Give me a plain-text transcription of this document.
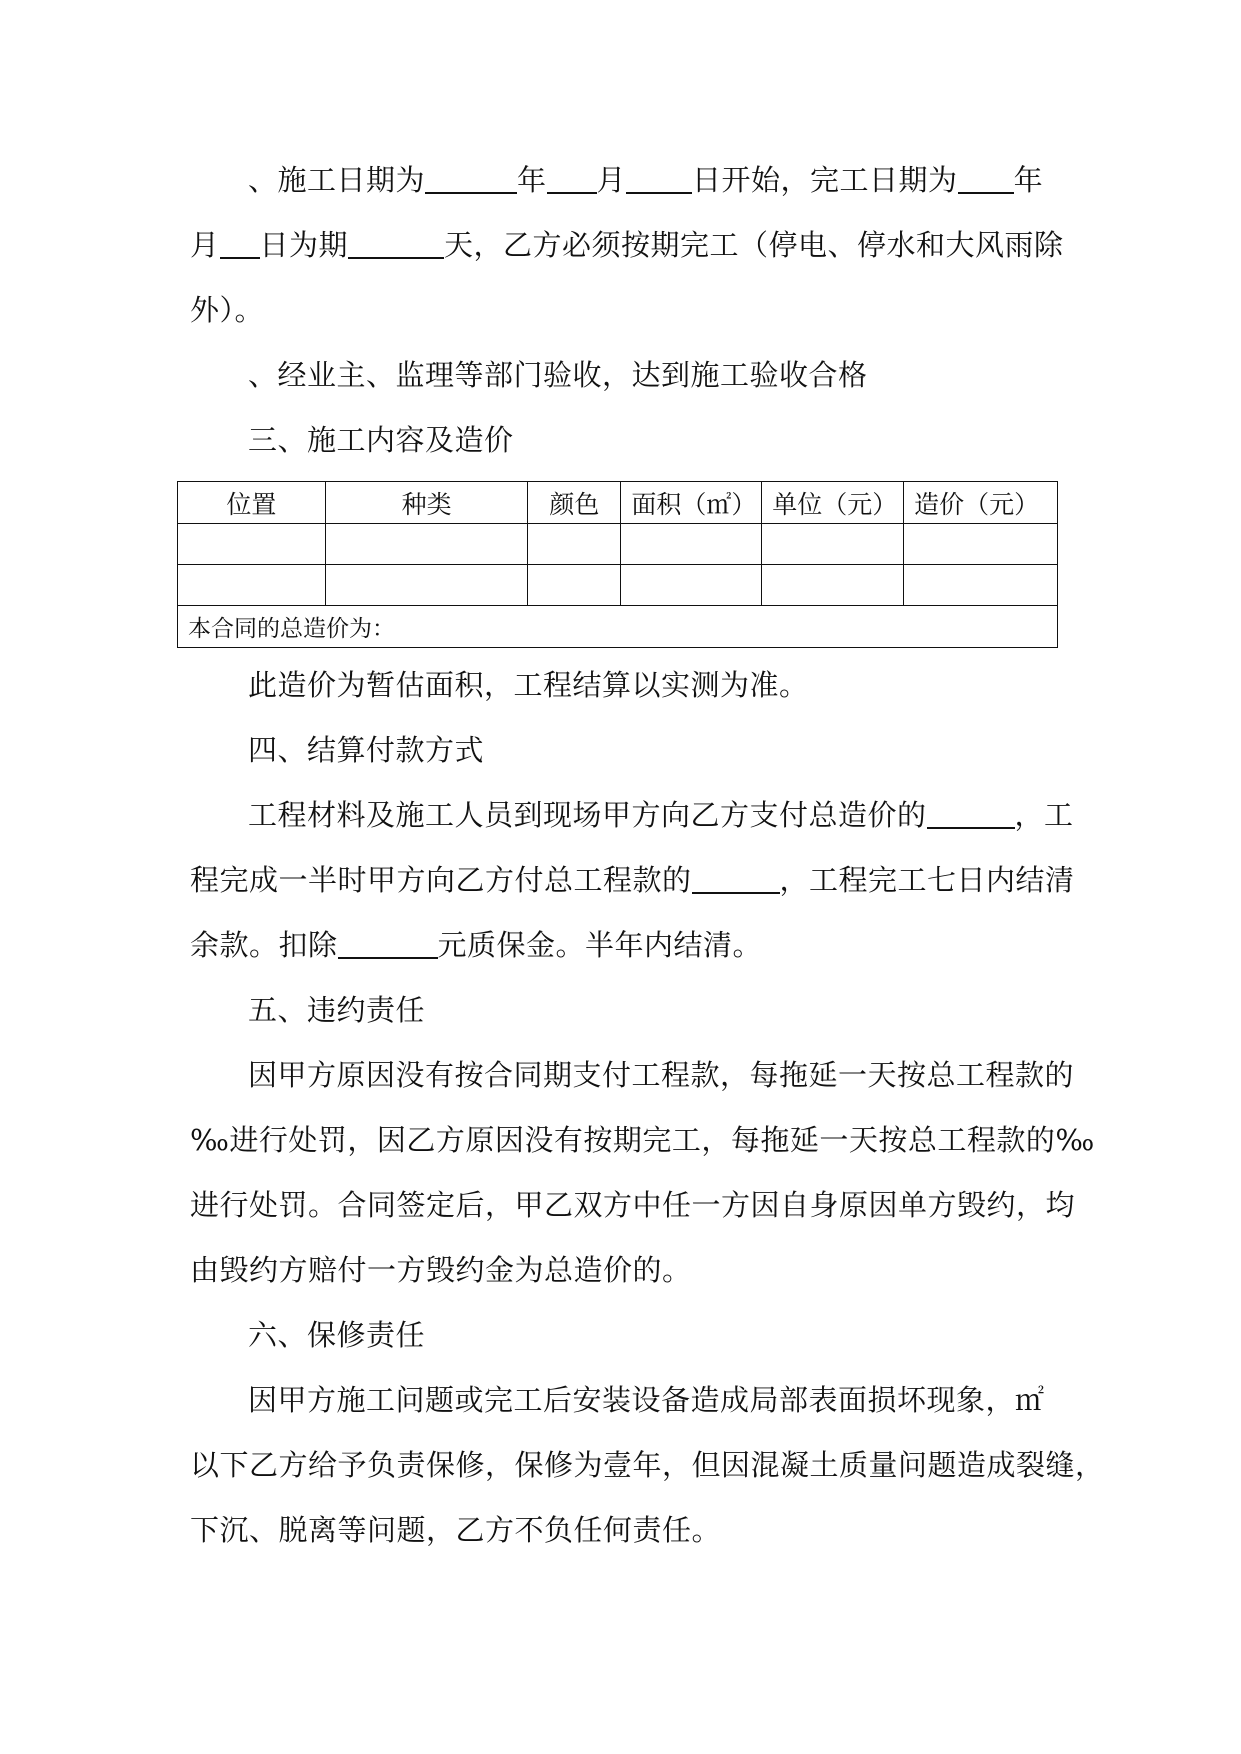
、施工日期为	年 月 日开始，完工日期为 年
月 日为期	天，乙方必须按期完工（停电、停水和大风雨除
外）。
、经业主、监理等部门验收，达到施工验收合格
三、施工内容及造价
位置	种类	颜色	面积（㎡）	单位（元）	造价（元）

本合同的总造价为：					
此造价为暂估面积，工程结算以实测为准。
四、结算付款方式
工程材料及施工人员到现场甲方向乙方支付总造价的	，工
程完成一半时甲方向乙方付总工程款的	，工程完工七日内结清
余款。扣除	元质保金。半年内结清。
五、违约责任
因甲方原因没有按合同期支付工程款，每拖延一天按总工程款的
‰进行处罚，因乙方原因没有按期完工，每拖延一天按总工程款的‰
进行处罚。合同签定后，甲乙双方中任一方因自身原因单方毁约，均
由毁约方赔付一方毁约金为总造价的。
六、保修责任
因甲方施工问题或完工后安装设备造成局部表面损坏现象，㎡
以下乙方给予负责保修，保修为壹年，但因混凝土质量问题造成裂缝，
下沉、脱离等问题，乙方不负任何责任。
